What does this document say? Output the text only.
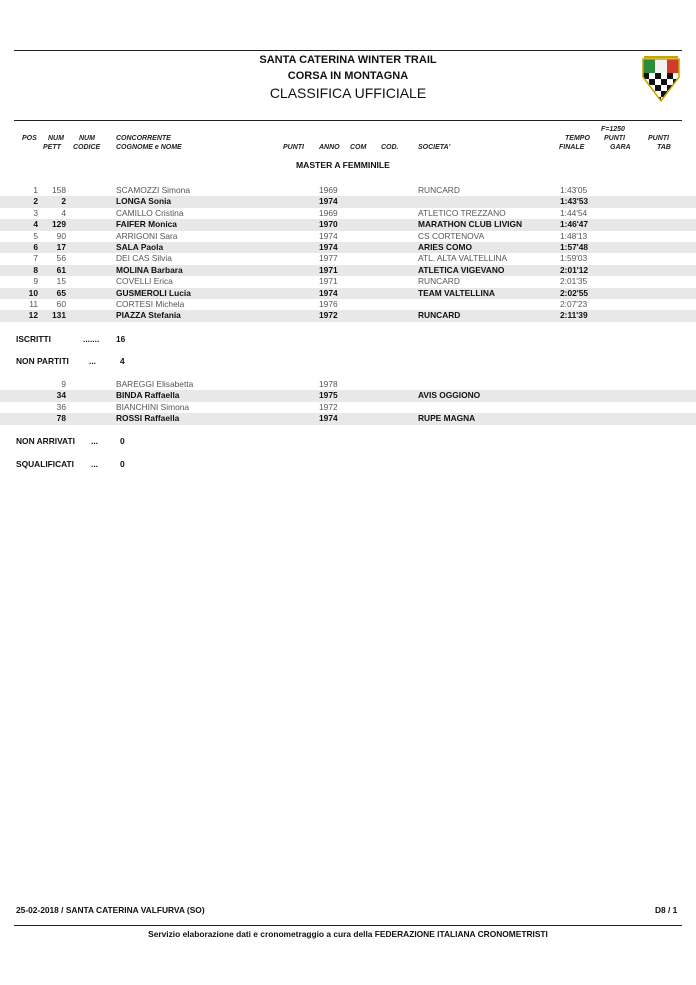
SANTA CATERINA WINTER TRAIL
CORSA IN MONTAGNA
CLASSIFICA UFFICIALE
POS NUM
PETT
NUM
CODICE
CONCORRENTE
COGNOME e NOME	PUNTI ANNO COM COD.	SOCIETA'
TEMPO
FINALE
F=1250
PUNTI
GARA
PUNTI
TAB
MASTER A FEMMINILE
1	158	SCAMOZZI Simona	1969	RUNCARD	1:43'05
2	2	LONGA Sonia	1974	1:43'53
3	4	CAMILLO Cristina	1969	ATLETICO TREZZANO	1:44'54
4	129	FAIFER Monica	1970	MARATHON CLUB LIVIGN	1:46'47
5	90	ARRIGONI Sara	1974	CS CORTENOVA	1:48'13
6	17	SALA Paola	1974	ARIES COMO	1:57'48
7	56	DEI CAS Silvia	1977	ATL. ALTA VALTELLINA	1:59'03
8	61	MOLINA Barbara	1971	ATLETICA VIGEVANO	2:01'12
9	15	COVELLI Erica	1971	RUNCARD	2:01'35
10	65	GUSMEROLI Lucia	1974	TEAM VALTELLINA	2:02'55
11	60	CORTESI Michela	1976	2:07'23
12	131	PIAZZA Stefania	1972	RUNCARD	2:11'39
ISCRITTI	....... 16
NON PARTITI ...	4
9	BAREGGI Elisabetta	1978
34	BINDA Raffaella	1975	AVIS OGGIONO
36	BIANCHINI Simona	1972
78	ROSSI Raffaella	1974	RUPE MAGNA
NON ARRIVATI ...	0
SQUALIFICATI ...	0
25-02-2018 / SANTA CATERINA VALFURVA (SO)	D8 / 1
Servizio elaborazione dati e cronometraggio a cura della FEDERAZIONE ITALIANA CRONOMETRISTI
